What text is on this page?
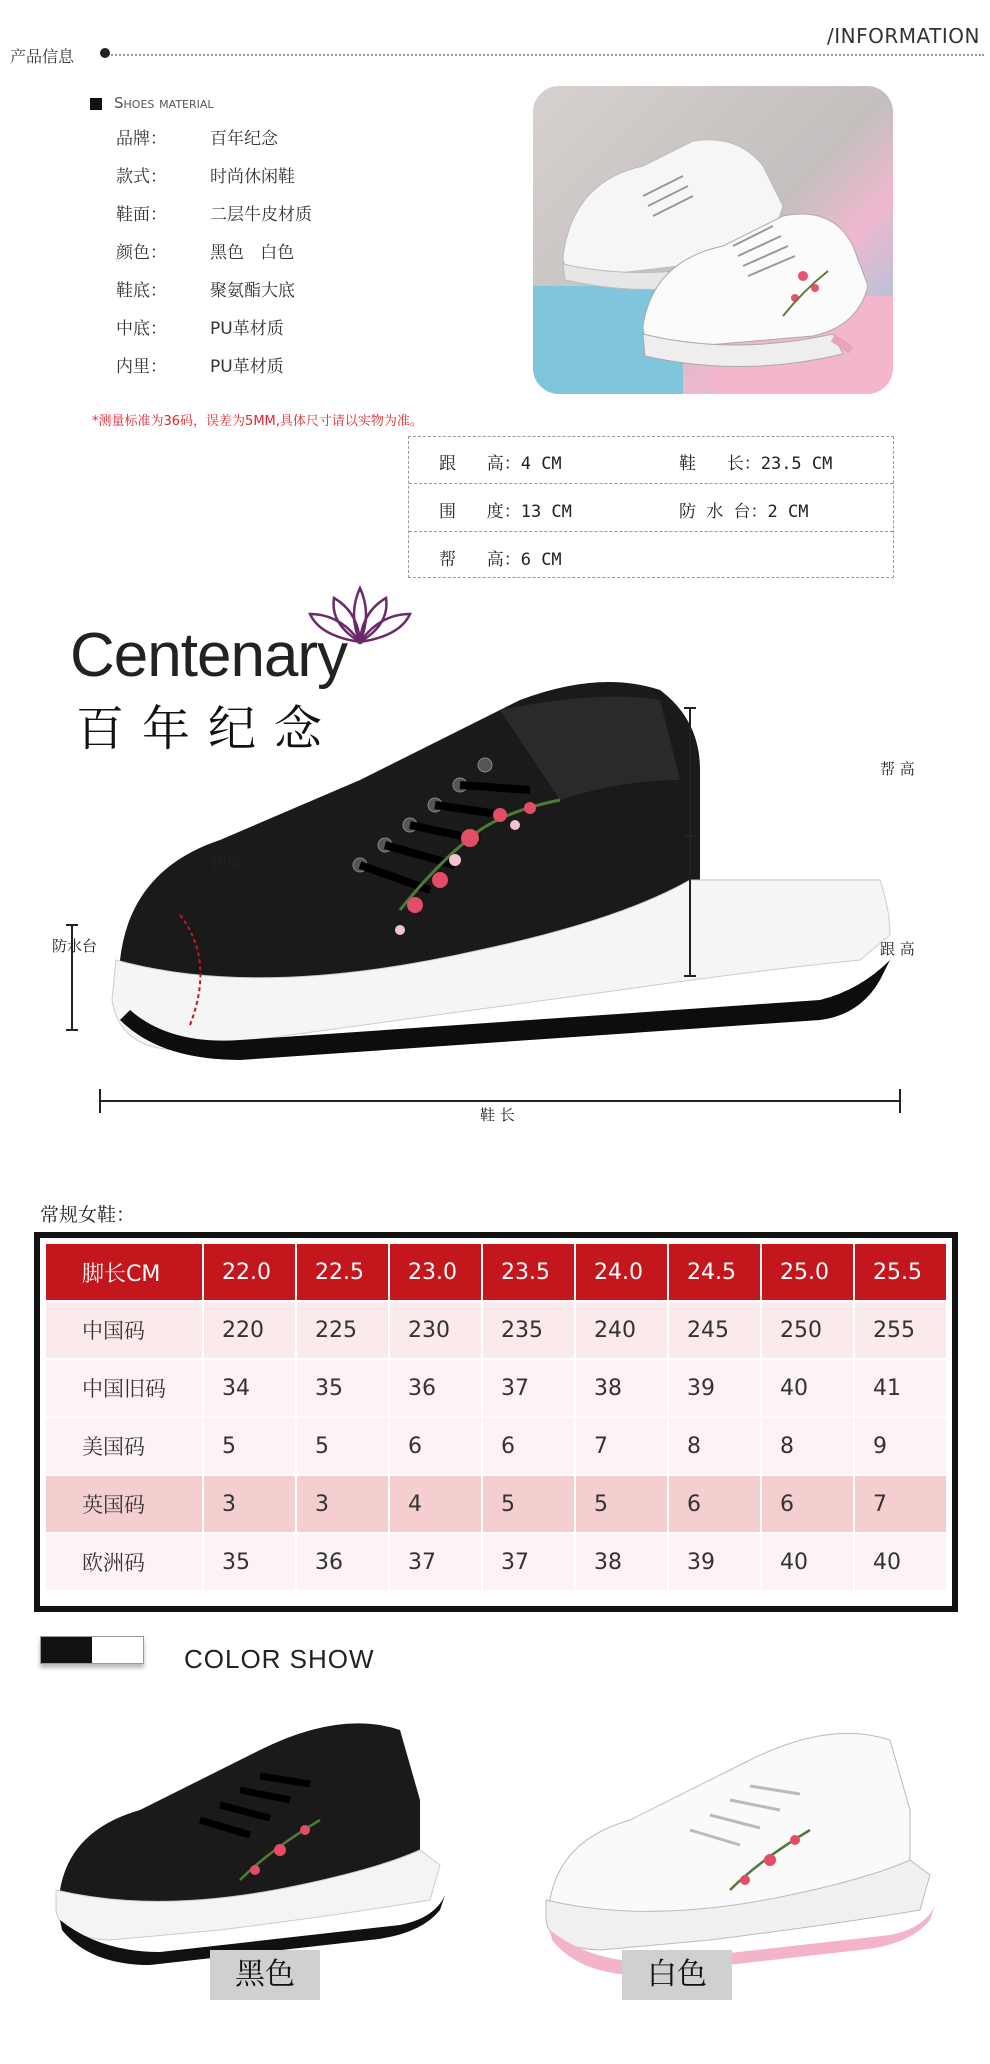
产品信息
/INFORMATION
Shoes material
品牌：	百年纪念
款式：	时尚休闲鞋
鞋面：	二层牛皮材质
颜色：	黑色   白色
鞋底：	聚氨酯大底
中底：	PU革材质
内里：	PU革材质
*测量标准为36码，误差为5MM,具体尺寸请以实物为准。
跟   高：4 CM	鞋   长：23.5 CM
围   度：13 CM	防 水 台：2 CM
帮   高：6 CM
Centenary
百年纪念
围度
防水台
帮 高
跟 高
鞋 长
常规女鞋：
脚长CM	22.0	22.5	23.0	23.5	24.0	24.5	25.0	25.5
中国码	220	225	230	235	240	245	250	255
中国旧码	34	35	36	37	38	39	40	41
美国码	5	5	6	6	7	8	8	9
英国码	3	3	4	5	5	6	6	7
欧洲码	35	36	37	37	38	39	40	40
COLOR SHOW
黑色	白色
